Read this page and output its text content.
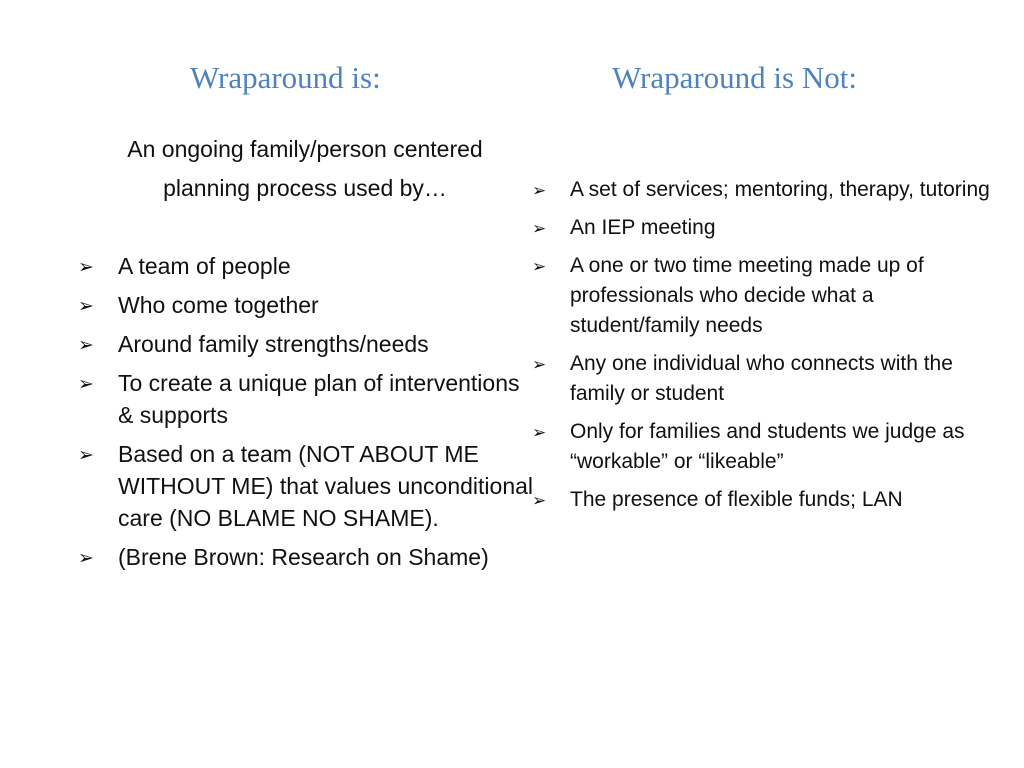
Wraparound is:	Wraparound is Not:
An ongoing family/person centered
planning process used by…
➢ A team of people
➢ Who come together
➢ Around family strengths/needs
➢ To create a unique plan of interventions & supports
➢ Based on a team (NOT ABOUT ME WITHOUT ME) that values unconditional care (NO BLAME NO SHAME).
➢ (Brene Brown: Research on Shame)
➢ A set of services; mentoring, therapy, tutoring
➢ An IEP meeting
➢ A one or two time meeting made up of professionals who decide what a student/family needs
➢ Any one individual who connects with the family or student
➢ Only for families and students we judge as “workable” or “likeable”
➢ The presence of flexible funds; LAN
